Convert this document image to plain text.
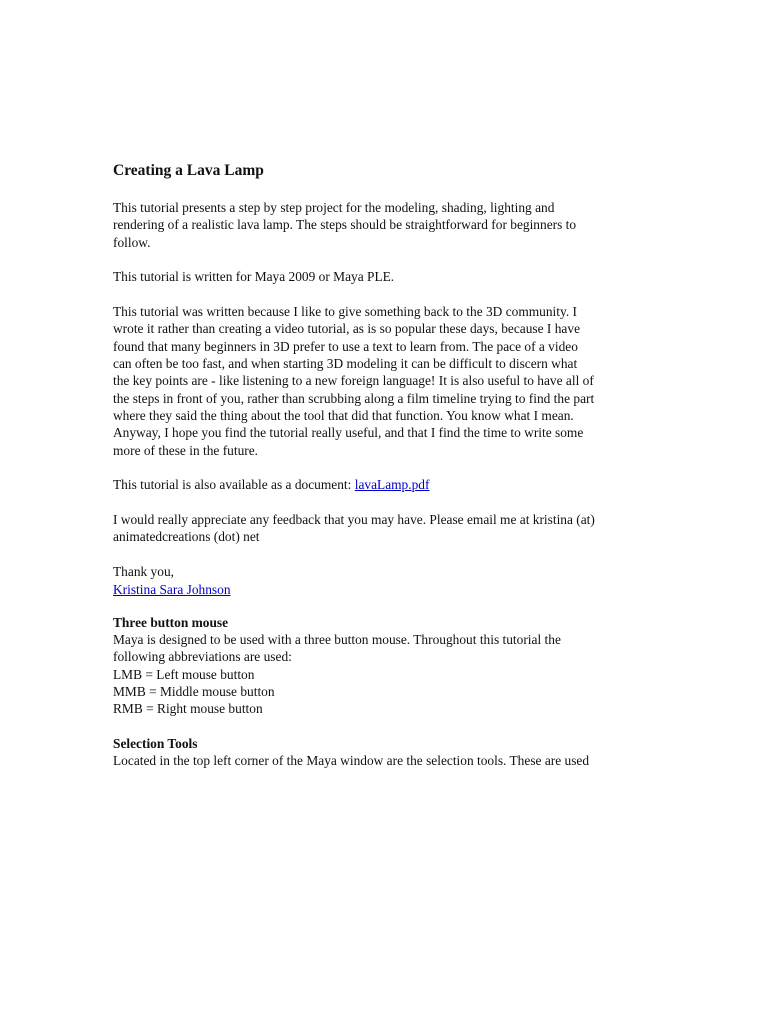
Creating a Lava Lamp
This tutorial presents a step by step project for the modeling, shading, lighting and
rendering of a realistic lava lamp. The steps should be straightforward for beginners to
follow.
This tutorial is written for Maya 2009 or Maya PLE.
This tutorial was written because I like to give something back to the 3D community. I
wrote it rather than creating a video tutorial, as is so popular these days, because I have
found that many beginners in 3D prefer to use a text to learn from. The pace of a video
can often be too fast, and when starting 3D modeling it can be difficult to discern what
the key points are - like listening to a new foreign language! It is also useful to have all of
the steps in front of you, rather than scrubbing along a film timeline trying to find the part
where they said the thing about the tool that did that function. You know what I mean.
Anyway, I hope you find the tutorial really useful, and that I find the time to write some
more of these in the future.
This tutorial is also available as a document: lavaLamp.pdf
I would really appreciate any feedback that you may have. Please email me at kristina (at)
animatedcreations (dot) net
Thank you,
Kristina Sara Johnson
Three button mouse
Maya is designed to be used with a three button mouse. Throughout this tutorial the
following abbreviations are used:
LMB = Left mouse button
MMB = Middle mouse button
RMB = Right mouse button
Selection Tools
Located in the top left corner of the Maya window are the selection tools. These are used
